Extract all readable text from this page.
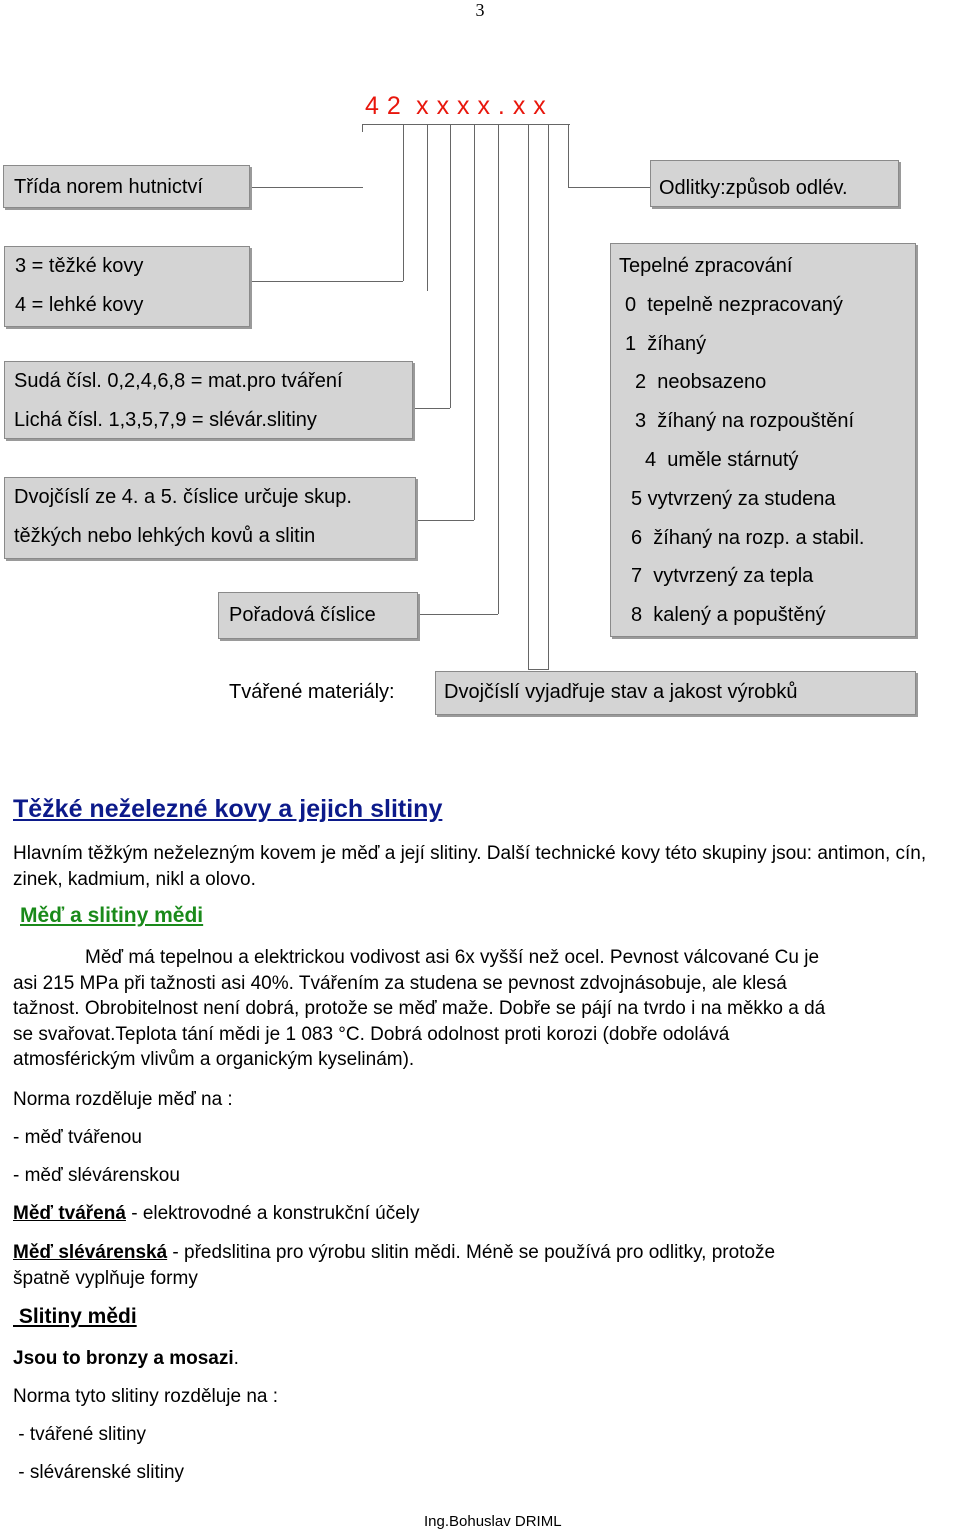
3
4 2  x x x x . x x
Třída norem hutnictví	Odlitky:způsob odlév.
3 = těžké kovy
4 = lehké kovy
Sudá čísl. 0,2,4,6,8 = mat.pro tváření
Lichá čísl. 1,3,5,7,9 = slévár.slitiny
Dvojčíslí ze 4. a 5. číslice určuje skup.
těžkých nebo lehkých kovů a slitin
Pořadová číslice
Tepelné zpracování
0  tepelně nezpracovaný
1  žíhaný
2  neobsazeno
3  žíhaný na rozpouštění
4  uměle stárnutý
5 vytvrzený za studena
6  žíhaný na rozp. a stabil.
7  vytvrzený za tepla
8  kalený a popuštěný
Tvářené materiály:	Dvojčíslí vyjadřuje stav a jakost výrobků
Těžké neželezné kovy a jejich slitiny
Hlavním těžkým neželezným kovem je měď a její slitiny. Další technické kovy této skupiny jsou: antimon, cín, zinek, kadmium, nikl a olovo.
Měď a slitiny mědi
Měď má tepelnou a elektrickou vodivost asi 6x vyšší než ocel. Pevnost válcované Cu je
asi 215 MPa při tažnosti asi 40%. Tvářením za studena se pevnost zdvojnásobuje, ale klesá
tažnost. Obrobitelnost není dobrá, protože se měď maže. Dobře se pájí na tvrdo i na měkko a dá
se svařovat.Teplota tání mědi je 1 083 °C. Dobrá odolnost proti korozi (dobře odolává
atmosférickým vlivům a organickým kyselinám).
Norma rozděluje měď na :
- měď tvářenou
- měď slévárenskou
Měď tvářená - elektrovodné a konstrukční účely
Měď slévárenská - předslitina pro výrobu slitin mědi. Méně se používá pro odlitky, protože
špatně vyplňuje formy
Slitiny mědi
Jsou to bronzy a mosazi.
Norma tyto slitiny rozděluje na :
- tvářené slitiny
- slévárenské slitiny
Ing.Bohuslav DRIML
